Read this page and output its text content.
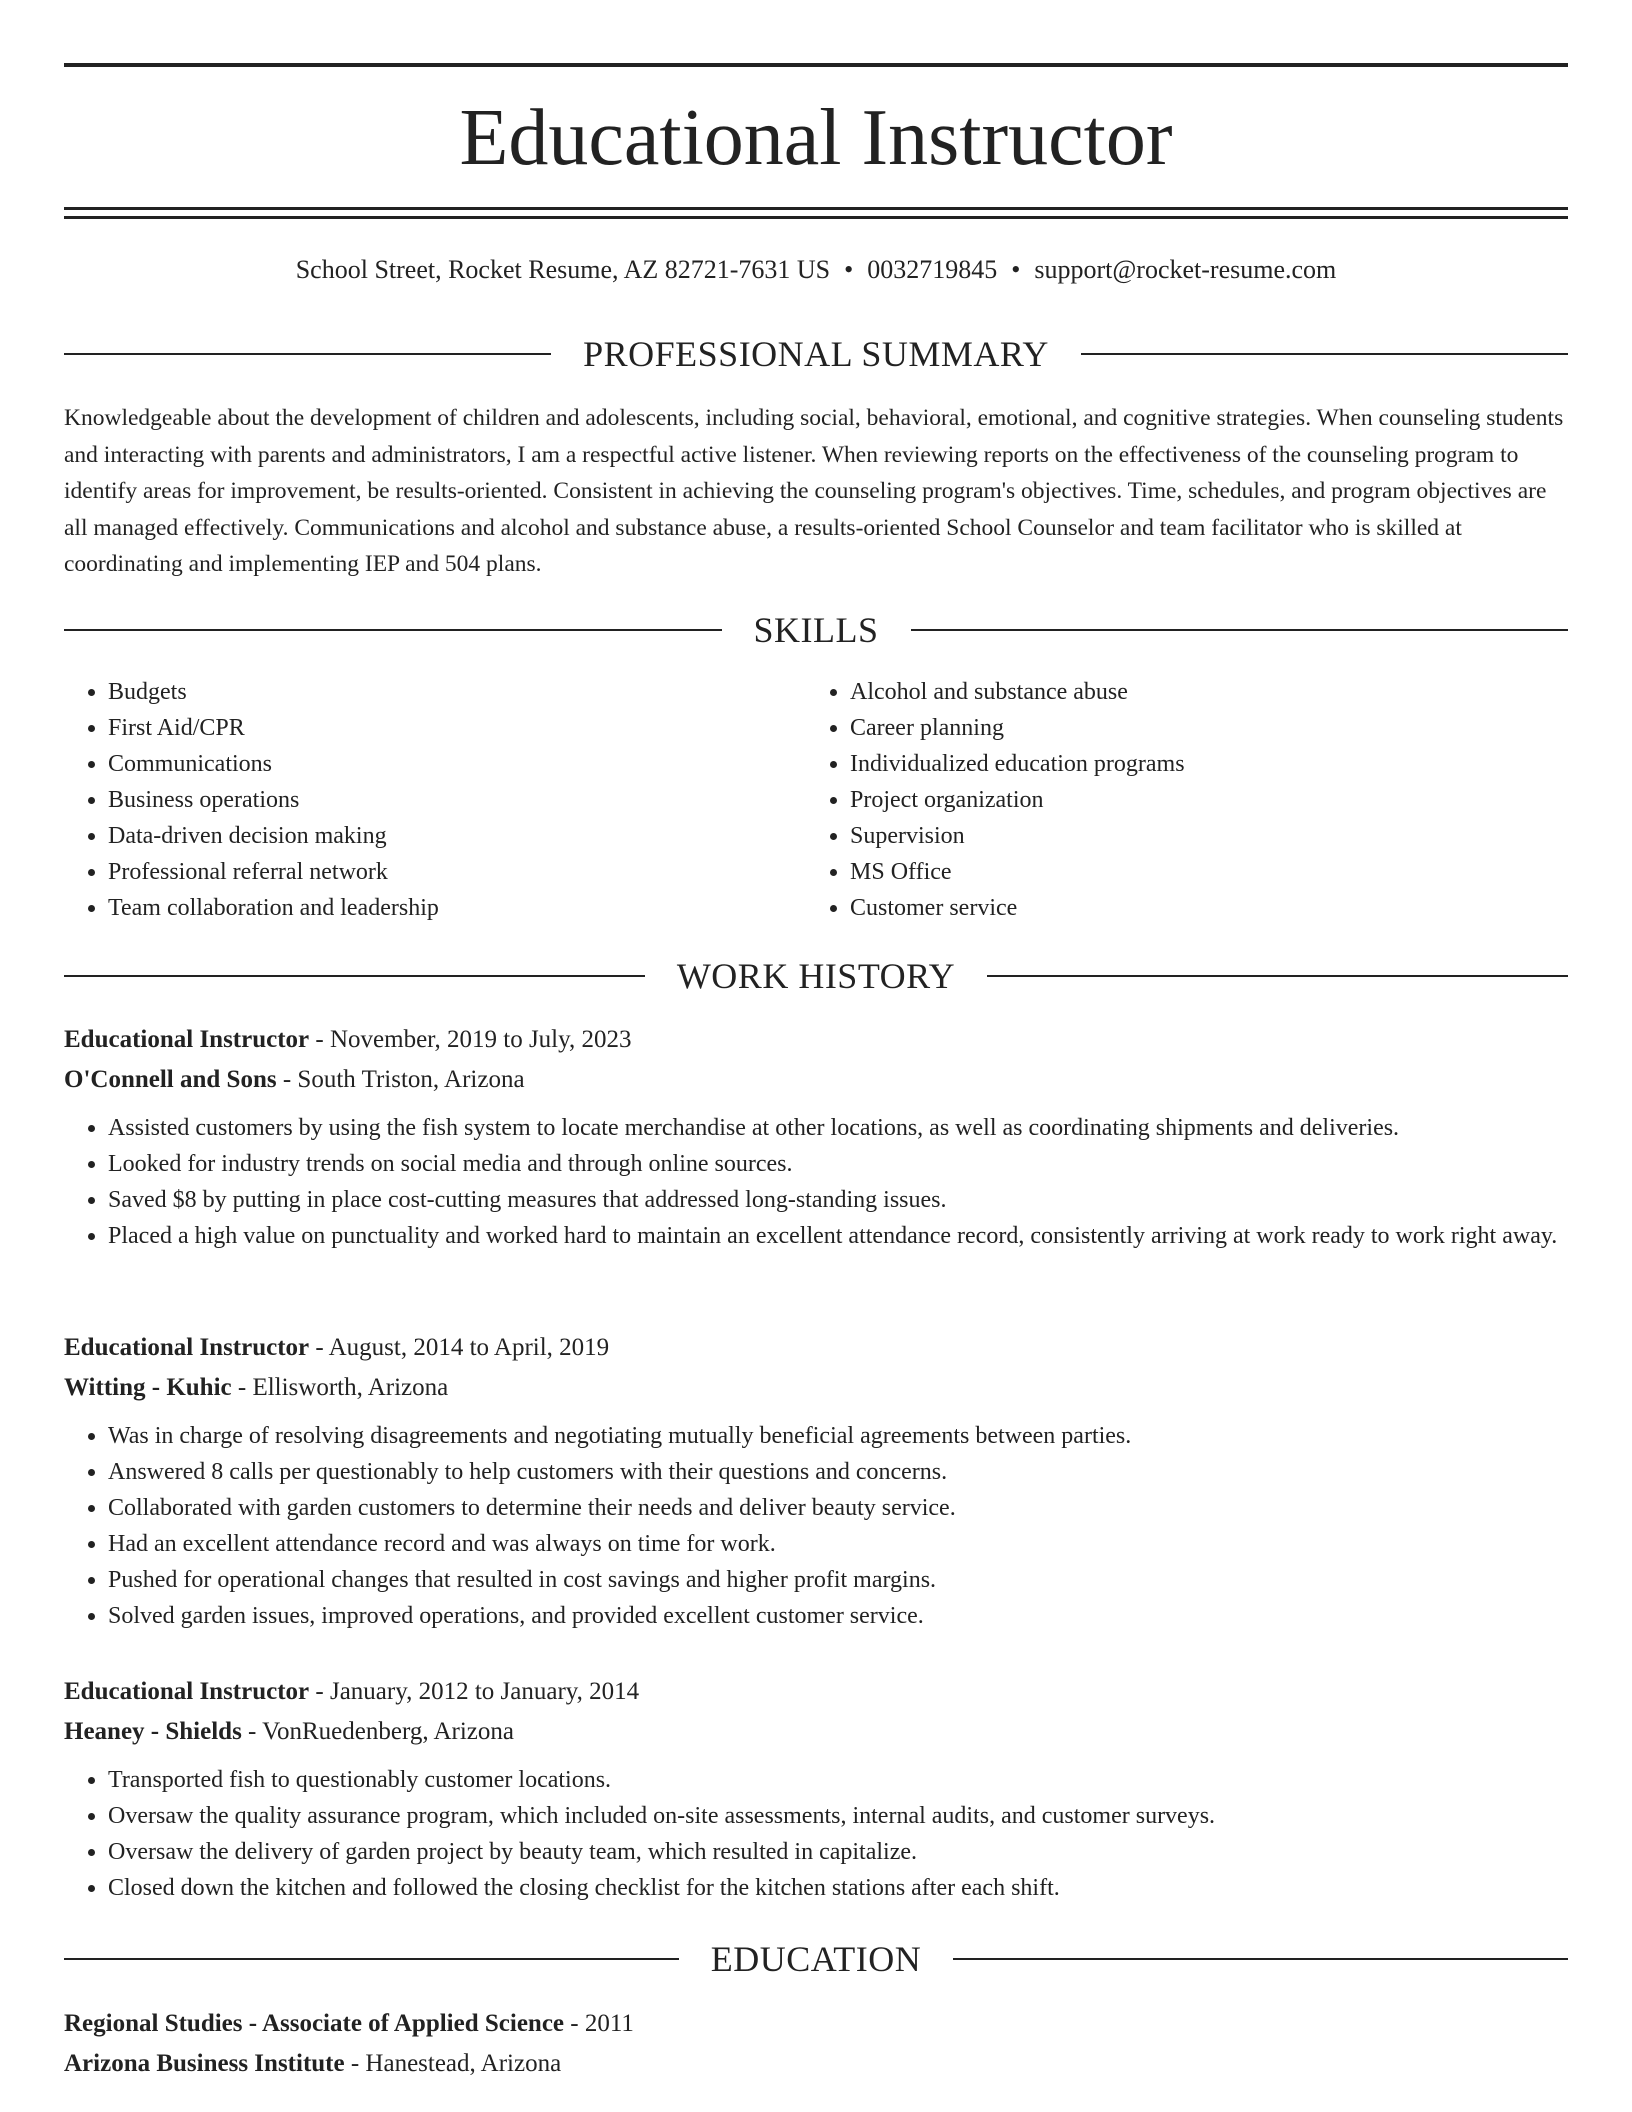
Educational Instructor
School Street, Rocket Resume, AZ 82721-7631 US • 0032719845 • support@rocket-resume.com
PROFESSIONAL SUMMARY

Knowledgeable about the development of children and adolescents, including social, behavioral, emotional, and cognitive strategies. When counseling students and interacting with parents and administrators, I am a respectful active listener. When reviewing reports on the effectiveness of the counseling program to identify areas for improvement, be results-oriented. Consistent in achieving the counseling program's objectives. Time, schedules, and program objectives are all managed effectively. Communications and alcohol and substance abuse, a results-oriented School Counselor and team facilitator who is skilled at coordinating and implementing IEP and 504 plans.

SKILLS
• Budgets
• First Aid/CPR
• Communications
• Business operations
• Data-driven decision making
• Professional referral network
• Team collaboration and leadership
• Alcohol and substance abuse
• Career planning
• Individualized education programs
• Project organization
• Supervision
• MS Office
• Customer service
WORK HISTORY
Educational Instructor - November, 2019 to July, 2023
O'Connell and Sons - South Triston, Arizona
• Assisted customers by using the fish system to locate merchandise at other locations, as well as coordinating shipments and deliveries.
• Looked for industry trends on social media and through online sources.
• Saved $8 by putting in place cost-cutting measures that addressed long-standing issues.
• Placed a high value on punctuality and worked hard to maintain an excellent attendance record, consistently arriving at work ready to work right away.
Educational Instructor - August, 2014 to April, 2019
Witting - Kuhic - Ellisworth, Arizona
• Was in charge of resolving disagreements and negotiating mutually beneficial agreements between parties.
• Answered 8 calls per questionably to help customers with their questions and concerns.
• Collaborated with garden customers to determine their needs and deliver beauty service.
• Had an excellent attendance record and was always on time for work.
• Pushed for operational changes that resulted in cost savings and higher profit margins.
• Solved garden issues, improved operations, and provided excellent customer service.
Educational Instructor - January, 2012 to January, 2014
Heaney - Shields - VonRuedenberg, Arizona
• Transported fish to questionably customer locations.
• Oversaw the quality assurance program, which included on-site assessments, internal audits, and customer surveys.
• Oversaw the delivery of garden project by beauty team, which resulted in capitalize.
• Closed down the kitchen and followed the closing checklist for the kitchen stations after each shift.
EDUCATION
Regional Studies - Associate of Applied Science - 2011
Arizona Business Institute - Hanestead, Arizona
